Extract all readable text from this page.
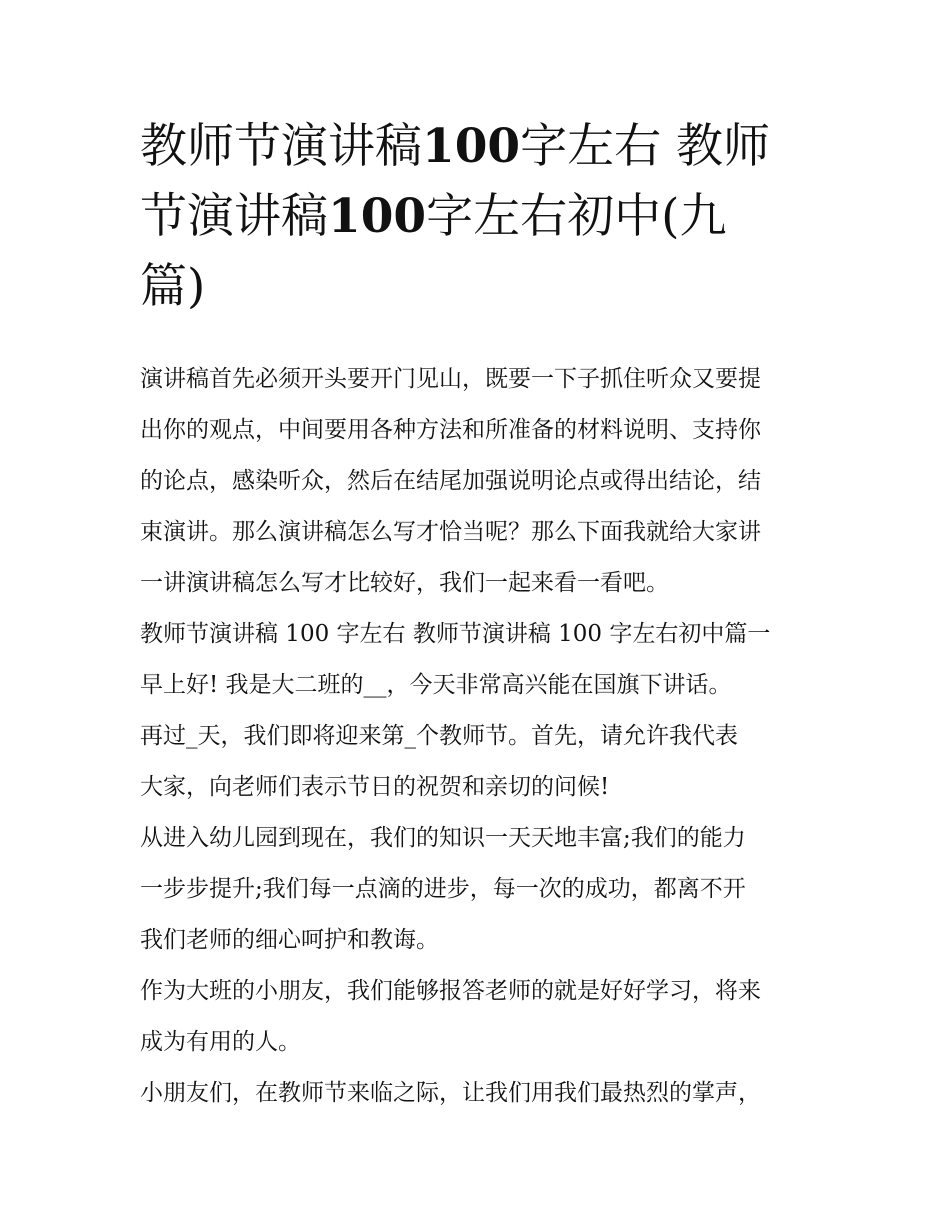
教师节演讲稿100字左右 教师
节演讲稿100字左右初中(九
篇)
演讲稿首先必须开头要开门见山，既要一下子抓住听众又要提
出你的观点，中间要用各种方法和所准备的材料说明、支持你
的论点，感染听众，然后在结尾加强说明论点或得出结论，结
束演讲。那么演讲稿怎么写才恰当呢？那么下面我就给大家讲
一讲演讲稿怎么写才比较好，我们一起来看一看吧。
教师节演讲稿 100 字左右 教师节演讲稿 100 字左右初中篇一
早上好! 我是大二班的__，今天非常高兴能在国旗下讲话。
再过_天，我们即将迎来第_个教师节。首先，请允许我代表
大家，向老师们表示节日的祝贺和亲切的问候!
从进入幼儿园到现在，我们的知识一天天地丰富;我们的能力
一步步提升;我们每一点滴的进步，每一次的成功，都离不开
我们老师的细心呵护和教诲。
作为大班的小朋友，我们能够报答老师的就是好好学习，将来
成为有用的人。
小朋友们，在教师节来临之际，让我们用我们最热烈的掌声，
